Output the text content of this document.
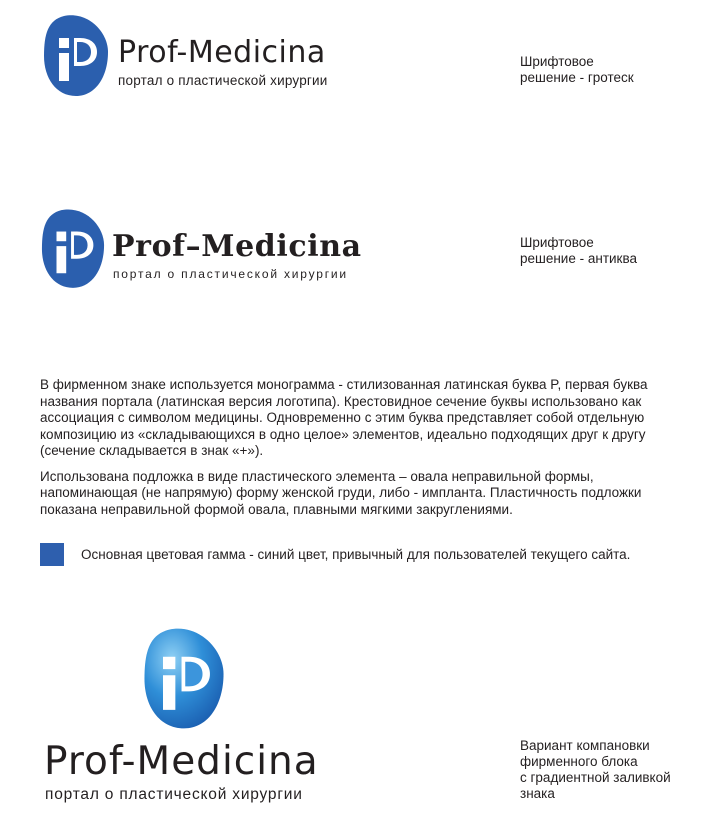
Prof-Medicina
портал о пластической хирургии
Шрифтовое
решение - гротеск
Prof–Medicina
портал о пластической хирургии
Шрифтовое
решение - антиква

В фирменном знаке используется монограмма - стилизованная латинская буква P, первая буква названия портала (латинская версия логотипа). Крестовидное сечение буквы использовано как ассоциация с символом медицины. Одновременно с этим буква представляет собой отдельную композицию из «складывающихся в одно целое» элементов, идеально подходящих друг к другу (сечение складывается в знак «+»).

Использована подложка в виде пластического элемента – овала неправильной формы, напоминающая (не напрямую) форму женской груди, либо - импланта. Пластичность подложки показана неправильной формой овала, плавными мягкими закруглениями.

Основная цветовая гамма - синий цвет, привычный для пользователей текущего сайта.
Prof-Medicina
портал о пластической хирургии
Вариант компановки
фирменного блока
с градиентной заливкой
знака
